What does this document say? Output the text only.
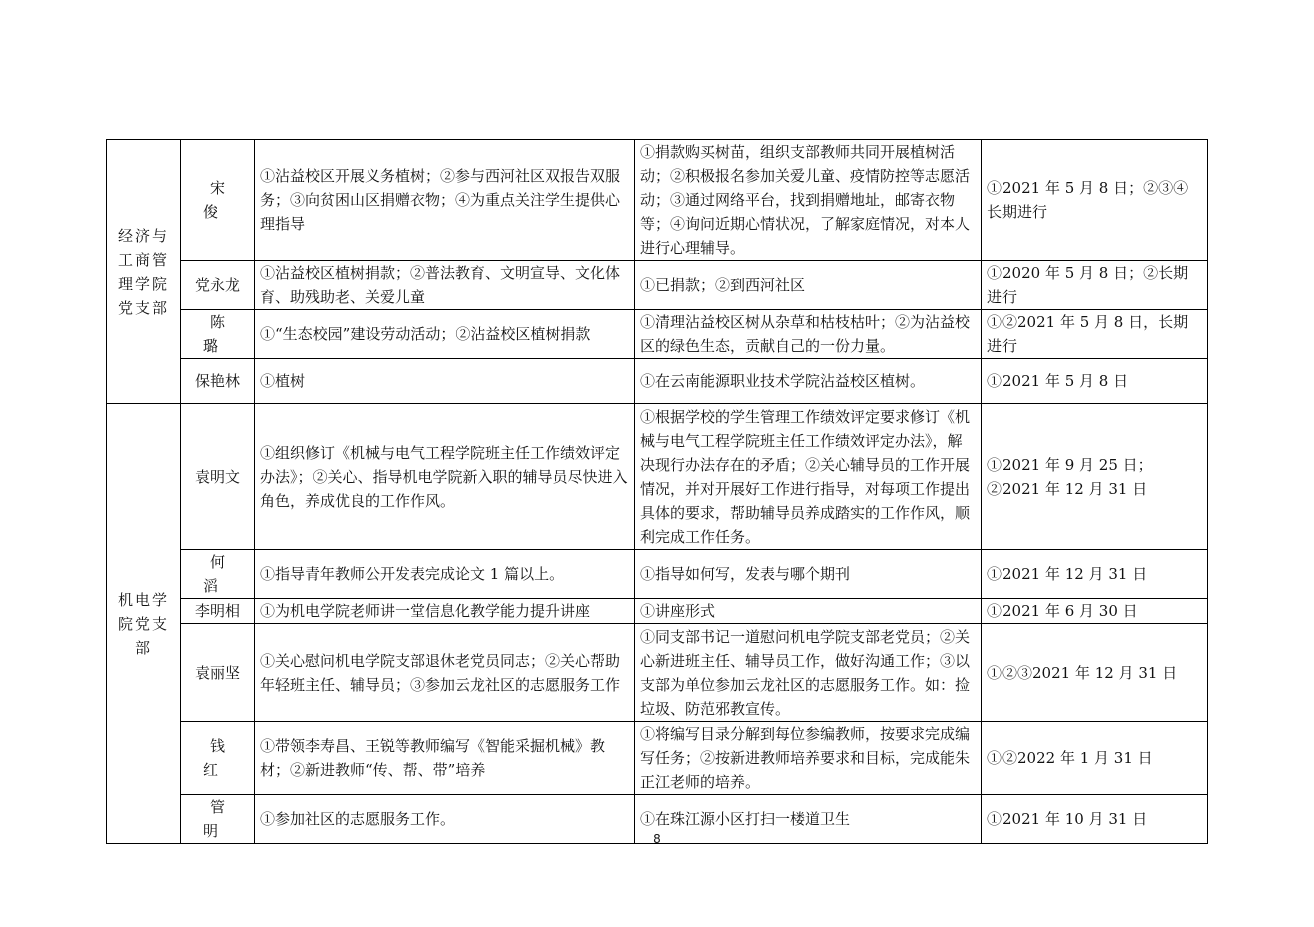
经济与工商管理学院党支部	宋　俊	①沾益校区开展义务植树；②参与西河社区双报告双服务；③向贫困山区捐赠衣物；④为重点关注学生提供心理指导	①捐款购买树苗，组织支部教师共同开展植树活动；②积极报名参加关爱儿童、疫情防控等志愿活动；③通过网络平台，找到捐赠地址，邮寄衣物等；④询问近期心情状况，了解家庭情况，对本人进行心理辅导。	①2021 年 5 月 8 日；②③④长期进行
	党永龙	①沾益校区植树捐款；②普法教育、文明宣导、文化体育、助残助老、关爱儿童	①已捐款；②到西河社区	①2020 年 5 月 8 日；②长期进行
	陈　璐	①“生态校园”建设劳动活动；②沾益校区植树捐款	①清理沾益校区树从杂草和枯枝枯叶；②为沾益校区的绿色生态，贡献自己的一份力量。	①②2021 年 5 月 8 日，长期进行
	保艳林	①植树	①在云南能源职业技术学院沾益校区植树。	①2021 年 5 月 8 日
机电学院党支部	袁明文	①组织修订《机械与电气工程学院班主任工作绩效评定办法》；②关心、指导机电学院新入职的辅导员尽快进入角色，养成优良的工作作风。	①根据学校的学生管理工作绩效评定要求修订《机械与电气工程学院班主任工作绩效评定办法》，解决现行办法存在的矛盾；②关心辅导员的工作开展情况，并对开展好工作进行指导，对每项工作提出具体的要求，帮助辅导员养成踏实的工作作风，顺利完成工作任务。	①2021 年 9 月 25 日；②2021 年 12 月 31 日
	何　滔	①指导青年教师公开发表完成论文 1 篇以上。	①指导如何写，发表与哪个期刊	①2021 年 12 月 31 日
	李明相	①为机电学院老师讲一堂信息化教学能力提升讲座	①讲座形式	①2021 年 6 月 30 日
	袁丽坚	①关心慰问机电学院支部退休老党员同志；②关心帮助年轻班主任、辅导员；③参加云龙社区的志愿服务工作	①同支部书记一道慰问机电学院支部老党员；②关心新进班主任、辅导员工作，做好沟通工作；③以支部为单位参加云龙社区的志愿服务工作。如：捡垃圾、防范邪教宣传。	①②③2021 年 12 月 31 日
	钱　红	①带领李寿昌、王锐等教师编写《智能采掘机械》教材；②新进教师“传、帮、带”培养	①将编写目录分解到每位参编教师，按要求完成编写任务；②按新进教师培养要求和目标，完成能朱正江老师的培养。	①②2022 年 1 月 31 日
	管　明	①参加社区的志愿服务工作。	①在珠江源小区打扫一楼道卫生	①2021 年 10 月 31 日
8
